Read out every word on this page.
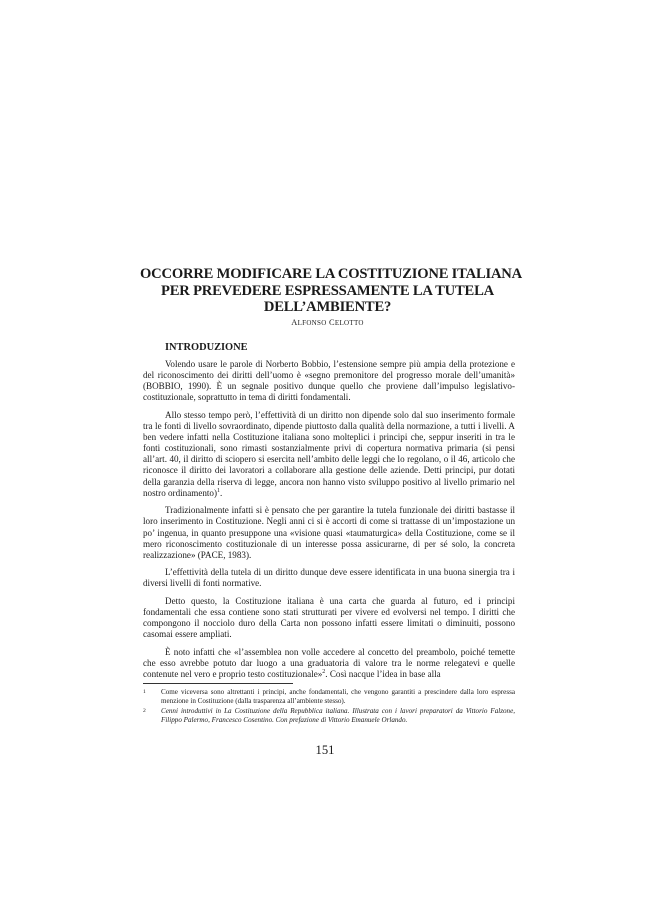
OCCORRE MODIFICARE LA COSTITUZIONE ITALIANA
PER PREVEDERE ESPRESSAMENTE LA TUTELA
DELL’AMBIENTE?
ALFONSO CELOTTO
INTRODUZIONE

Volendo usare le parole di Norberto Bobbio, l’estensione sempre più ampia della protezione e del riconoscimento dei diritti dell’uomo è «segno premonitore del progresso morale dell’umanità» (BOBBIO, 1990). È un segnale positivo dunque quello che proviene dall’impulso legislativo-costituzionale, soprattutto in tema di diritti fondamentali.

Allo stesso tempo però, l’effettività di un diritto non dipende solo dal suo inserimento formale tra le fonti di livello sovraordinato, dipende piuttosto dalla qualità della normazione, a tutti i livelli. A ben vedere infatti nella Costituzione italiana sono molteplici i principi che, seppur inseriti in tra le fonti costituzionali, sono rimasti sostanzialmente privi di copertura normativa primaria (si pensi all’art. 40, il diritto di sciopero si esercita nell’ambito delle leggi che lo regolano, o il 46, articolo che riconosce il diritto dei lavoratori a collaborare alla gestione delle aziende. Detti principi, pur dotati della garanzia della riserva di legge, ancora non hanno visto sviluppo positivo al livello primario nel nostro ordinamento)$^1$.

Tradizionalmente infatti si è pensato che per garantire la tutela funzionale dei diritti bastasse il loro inserimento in Costituzione. Negli anni ci si è accorti di come si trattasse di un’impostazione un po’ ingenua, in quanto presuppone una «visione quasi «taumaturgica» della Costituzione, come se il mero riconoscimento costituzionale di un interesse possa assicurarne, di per sé solo, la concreta realizzazione» (PACE, 1983).

L’effettività della tutela di un diritto dunque deve essere identificata in una buona sinergia tra i diversi livelli di fonti normative.

Detto questo, la Costituzione italiana è una carta che guarda al futuro, ed i principi fondamentali che essa contiene sono stati strutturati per vivere ed evolversi nel tempo. I diritti che compongono il nocciolo duro della Carta non possono infatti essere limitati o diminuiti, possono casomai essere ampliati.

È noto infatti che «l’assemblea non volle accedere al concetto del preambolo, poiché temette che esso avrebbe potuto dar luogo a una graduatoria di valore tra le norme relegatevi e quelle contenute nel vero e proprio testo costituzionale»$^2$. Così nacque l’idea in base alla

1	Come viceversa sono altrettanti i principi, anche fondamentali, che vengono garantiti a prescindere dalla loro espressa menzione in Costituzione (dalla trasparenza all’ambiente stesso).
2	Cenni introduttivi in La Costituzione della Repubblica italiana. Illustrata con i lavori preparatori da Vittorio Falzone, Filippo Palermo, Francesco Cosentino. Con prefazione di Vittorio Emanuele Orlando.
151
